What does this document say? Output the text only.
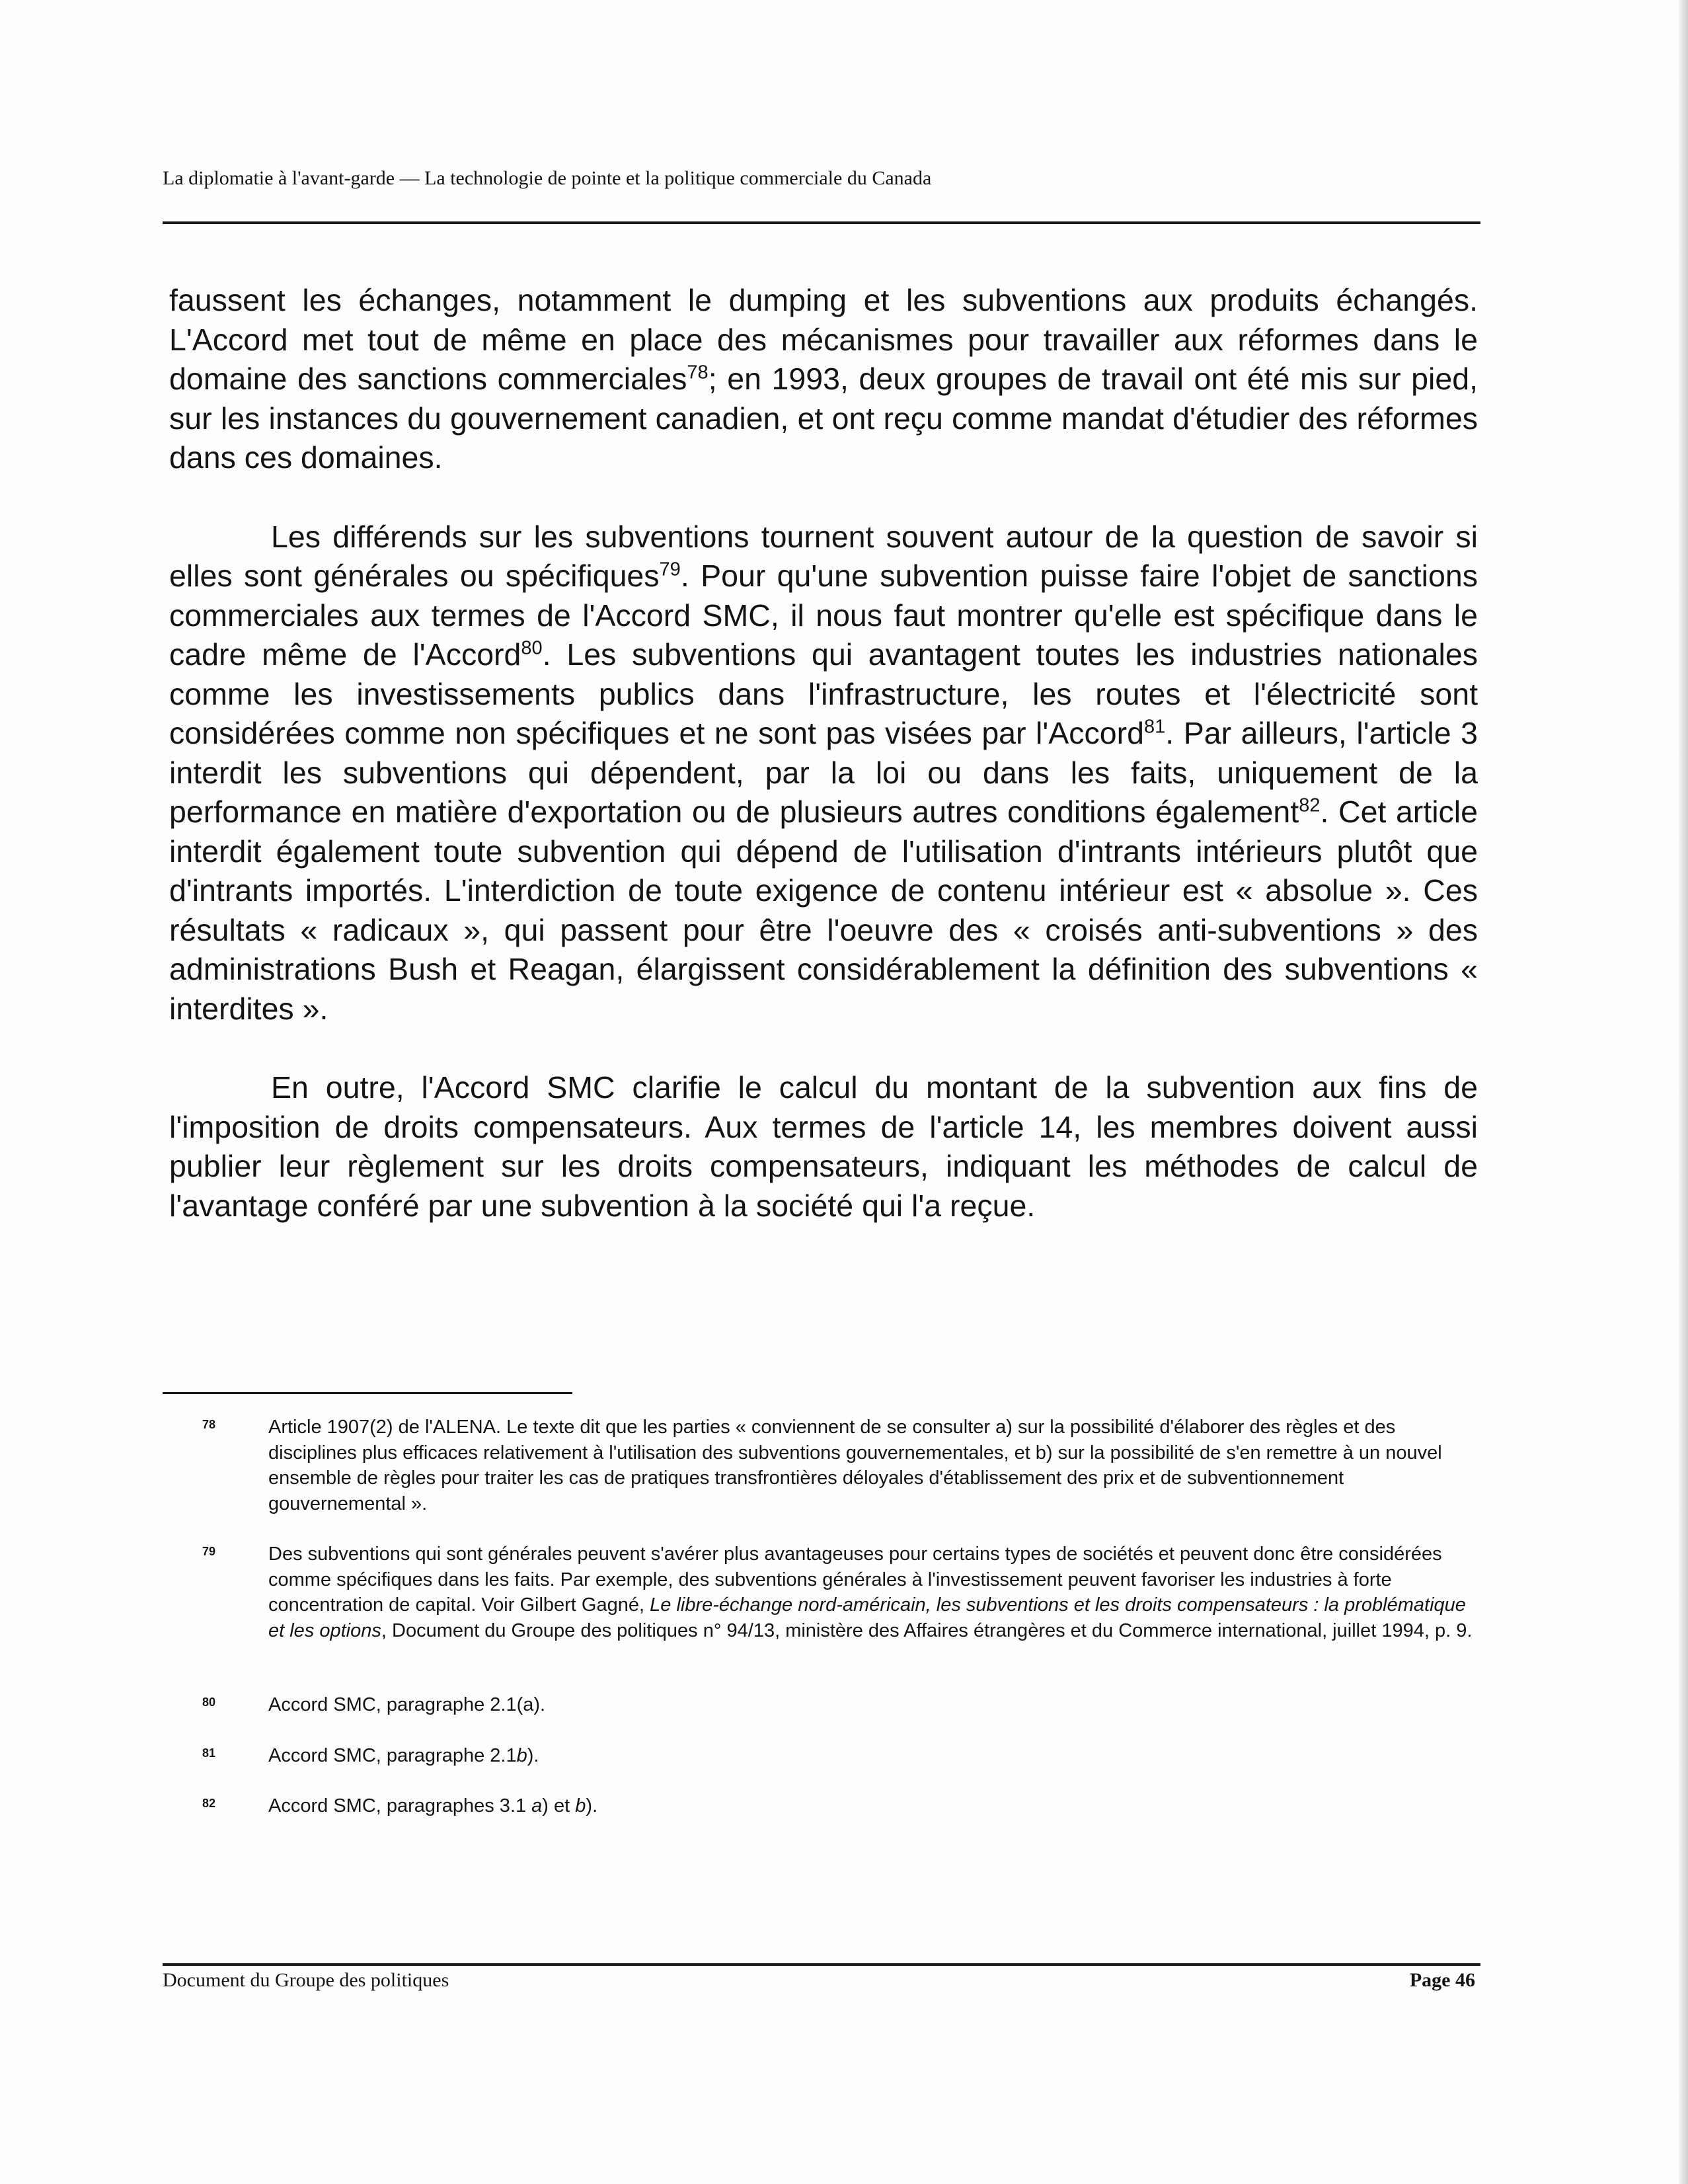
La diplomatie à l'avant-garde — La technologie de pointe et la politique commerciale du Canada

faussent les échanges, notamment le dumping et les subventions aux produits échangés. L'Accord met tout de même en place des mécanismes pour travailler aux réformes dans le domaine des sanctions commerciales$^{78}$; en 1993, deux groupes de travail ont été mis sur pied, sur les instances du gouvernement canadien, et ont reçu comme mandat d'étudier des réformes dans ces domaines.

Les différends sur les subventions tournent souvent autour de la question de savoir si elles sont générales ou spécifiques$^{79}$. Pour qu'une subvention puisse faire l'objet de sanctions commerciales aux termes de l'Accord SMC, il nous faut montrer qu'elle est spécifique dans le cadre même de l'Accord$^{80}$. Les subventions qui avantagent toutes les industries nationales comme les investissements publics dans l'infrastructure, les routes et l'électricité sont considérées comme non spécifiques et ne sont pas visées par l'Accord$^{81}$. Par ailleurs, l'article 3 interdit les subventions qui dépendent, par la loi ou dans les faits, uniquement de la performance en matière d'exportation ou de plusieurs autres conditions également$^{82}$. Cet article interdit également toute subvention qui dépend de l'utilisation d'intrants intérieurs plutôt que d'intrants importés. L'interdiction de toute exigence de contenu intérieur est « absolue ». Ces résultats « radicaux », qui passent pour être l'oeuvre des « croisés anti-subventions » des administrations Bush et Reagan, élargissent considérablement la définition des subventions « interdites ».

En outre, l'Accord SMC clarifie le calcul du montant de la subvention aux fins de l'imposition de droits compensateurs. Aux termes de l'article 14, les membres doivent aussi publier leur règlement sur les droits compensateurs, indiquant les méthodes de calcul de l'avantage conféré par une subvention à la société qui l'a reçue.

78	Article 1907(2) de l'ALENA. Le texte dit que les parties « conviennent de se consulter a) sur la possibilité d'élaborer des règles et des disciplines plus efficaces relativement à l'utilisation des subventions gouvernementales, et b) sur la possibilité de s'en remettre à un nouvel ensemble de règles pour traiter les cas de pratiques transfrontières déloyales d'établissement des prix et de subventionnement gouvernemental ».
79	Des subventions qui sont générales peuvent s'avérer plus avantageuses pour certains types de sociétés et peuvent donc être considérées comme spécifiques dans les faits. Par exemple, des subventions générales à l'investissement peuvent favoriser les industries à forte concentration de capital. Voir Gilbert Gagné, Le libre-échange nord-américain, les subventions et les droits compensateurs : la problématique et les options, Document du Groupe des politiques n° 94/13, ministère des Affaires étrangères et du Commerce international, juillet 1994, p. 9.
80	Accord SMC, paragraphe 2.1(a).
81	Accord SMC, paragraphe 2.1b).
82	Accord SMC, paragraphes 3.1 a) et b).
Document du Groupe des politiques	Page 46
